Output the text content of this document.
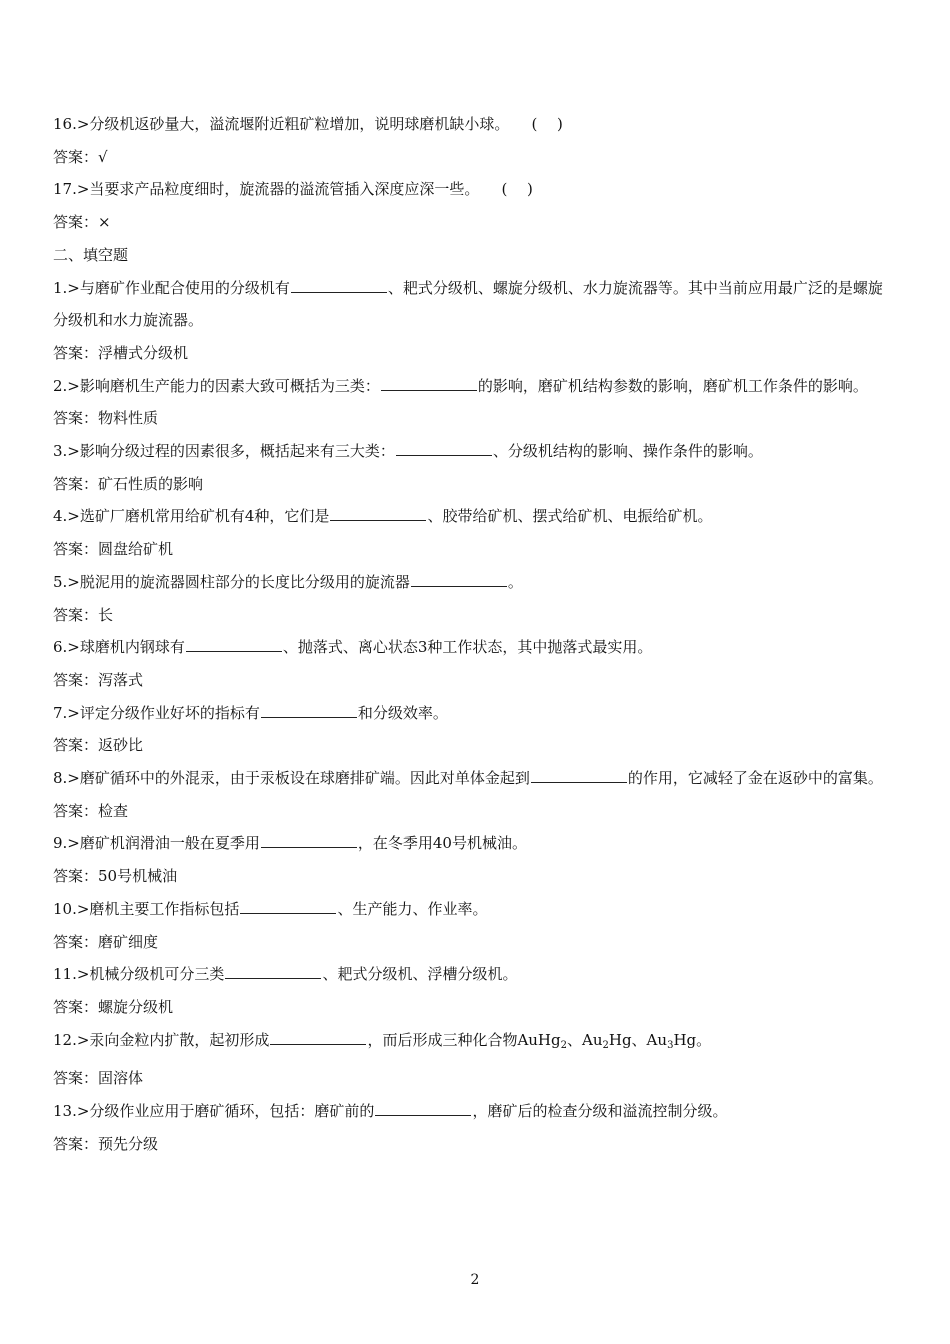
16.>分级机返砂量大，溢流堰附近粗矿粒增加，说明球磨机缺小球。 (　 )
答案：√
17.>当要求产品粒度细时，旋流器的溢流管插入深度应深一些。 (　 )
答案：×
二、填空题
1.>与磨矿作业配合使用的分级机有	、耙式分级机、螺旋分级机、水力旋流器等。其中当前应用最广泛的是螺旋分级机和水力旋流器。
答案：浮槽式分级机
2.>影响磨机生产能力的因素大致可概括为三类：	的影响，磨矿机结构参数的影响，磨矿机工作条件的影响。
答案：物料性质
3.>影响分级过程的因素很多，概括起来有三大类：	、分级机结构的影响、操作条件的影响。
答案：矿石性质的影响
4.>选矿厂磨机常用给矿机有4种，它们是	、胶带给矿机、摆式给矿机、电振给矿机。
答案：圆盘给矿机
5.>脱泥用的旋流器圆柱部分的长度比分级用的旋流器	。
答案：长
6.>球磨机内钢球有	、抛落式、离心状态3种工作状态，其中抛落式最实用。
答案：泻落式
7.>评定分级作业好坏的指标有	和分级效率。
答案：返砂比
8.>磨矿循环中的外混汞，由于汞板设在球磨排矿端。因此对单体金起到	的作用，它减轻了金在返砂中的富集。
答案：检查
9.>磨矿机润滑油一般在夏季用	，在冬季用40号机械油。
答案：50号机械油
10.>磨机主要工作指标包括	、生产能力、作业率。
答案：磨矿细度
11.>机械分级机可分三类	、耙式分级机、浮槽分级机。
答案：螺旋分级机
12.>汞向金粒内扩散，起初形成	，而后形成三种化合物AuHg$_2$、$Au_2Hg$、$Au_3Hg$。
答案：固溶体
13.>分级作业应用于磨矿循环，包括：磨矿前的	，磨矿后的检查分级和溢流控制分级。
答案：预先分级
2
